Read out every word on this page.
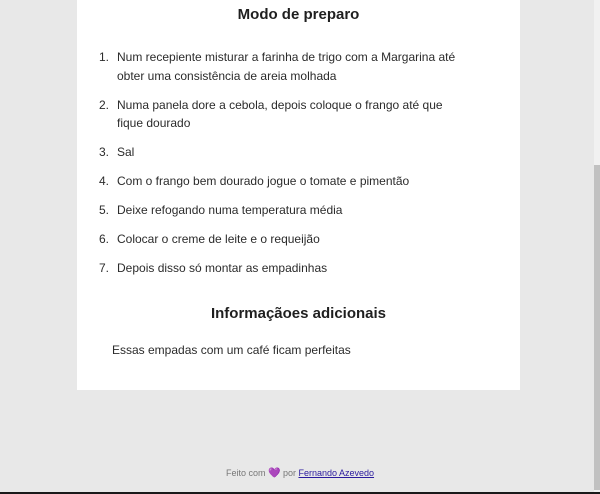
Modo de preparo
1. Num recepiente misturar a farinha de trigo com a Margarina até obter uma consistência de areia molhada
2. Numa panela dore a cebola, depois coloque o frango até que fique dourado
3. Sal
4. Com o frango bem dourado jogue o tomate e pimentão
5. Deixe refogando numa temperatura média
6. Colocar o creme de leite e o requeijão
7. Depois disso só montar as empadinhas
Informaçãoes adicionais

Essas empadas com um café ficam perfeitas

Feito com 💜 por Fernando Azevedo
